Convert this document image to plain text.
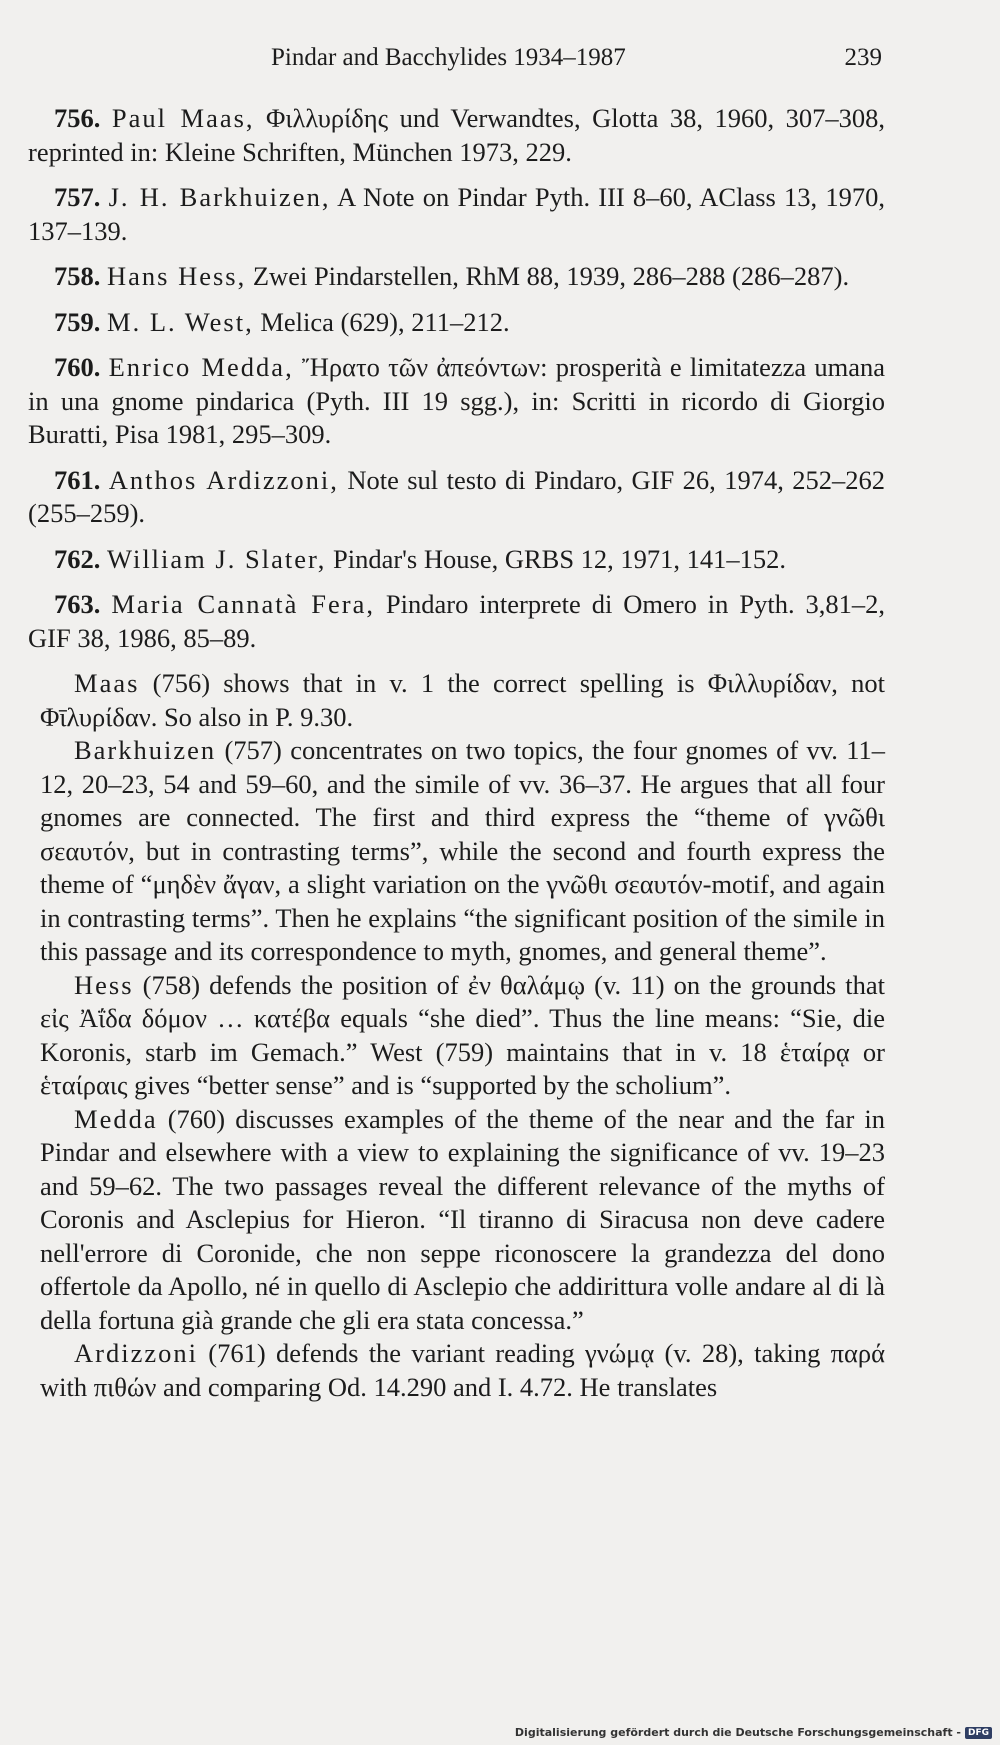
Pindar and Bacchylides 1934–1987	239

756. Paul Maas, Φιλλυρίδης und Verwandtes, Glotta 38, 1960, 307–308, reprinted in: Kleine Schriften, München 1973, 229.

757. J. H. Barkhuizen, A Note on Pindar Pyth. III 8–60, AClass 13, 1970, 137–139.

758. Hans Hess, Zwei Pindarstellen, RhM 88, 1939, 286–288 (286–287).

759. M. L. West, Melica (629), 211–212.

760. Enrico Medda, Ἤρατο τῶν ἀπεόντων: prosperità e limitatezza umana in una gnome pindarica (Pyth. III 19 sgg.), in: Scritti in ricordo di Giorgio Buratti, Pisa 1981, 295–309.

761. Anthos Ardizzoni, Note sul testo di Pindaro, GIF 26, 1974, 252–262 (255–259).

762. William J. Slater, Pindar's House, GRBS 12, 1971, 141–152.

763. Maria Cannatà Fera, Pindaro interprete di Omero in Pyth. 3,81–2, GIF 38, 1986, 85–89.

Maas (756) shows that in v. 1 the correct spelling is Φιλλυρίδαν, not Φῑλυρίδαν. So also in P. 9.30.

Barkhuizen (757) concentrates on two topics, the four gnomes of vv. 11–12, 20–23, 54 and 59–60, and the simile of vv. 36–37. He argues that all four gnomes are connected. The first and third express the “theme of γνῶθι σεαυτόν, but in contrasting terms”, while the second and fourth express the theme of “μηδὲν ἄγαν, a slight variation on the γνῶθι σεαυτόν-motif, and again in contrasting terms”. Then he explains “the significant position of the simile in this passage and its correspondence to myth, gnomes, and general theme”.

Hess (758) defends the position of ἐν θαλάμῳ (v. 11) on the grounds that εἰς Ἀΐδα δόμον … κατέβα equals “she died”. Thus the line means: “Sie, die Koronis, starb im Gemach.” West (759) maintains that in v. 18 ἑταίρᾳ or ἑταίραις gives “better sense” and is “supported by the scholium”.

Medda (760) discusses examples of the theme of the near and the far in Pindar and elsewhere with a view to explaining the significance of vv. 19–23 and 59–62. The two passages reveal the different relevance of the myths of Coronis and Asclepius for Hieron. “Il tiranno di Siracusa non deve cadere nell'errore di Coronide, che non seppe riconoscere la grandezza del dono offertole da Apollo, né in quello di Asclepio che addirittura volle andare al di là della fortuna già grande che gli era stata concessa.”

Ardizzoni (761) defends the variant reading γνώμᾳ (v. 28), taking παρά with πιθών and comparing Od. 14.290 and I. 4.72. He translates

Digitalisierung gefördert durch die Deutsche Forschungsgemeinschaft - DFG
